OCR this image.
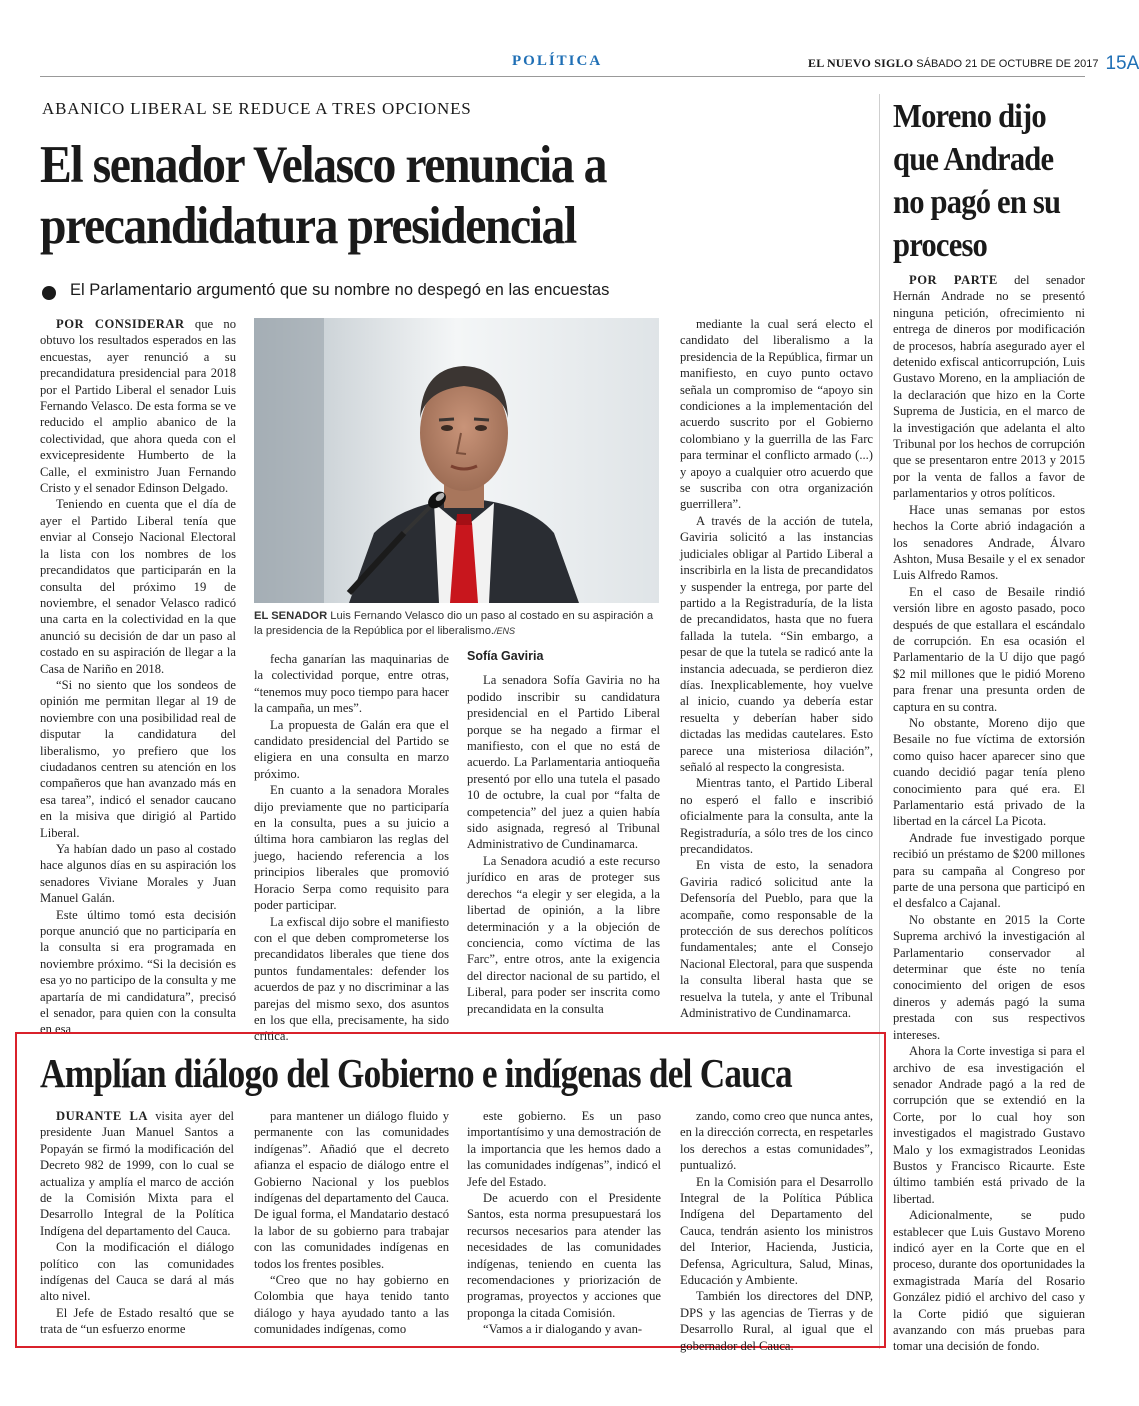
POLÍTICA	EL NUEVO SIGLO SÁBADO 21 DE OCTUBRE DE 2017 15A
ABANICO LIBERAL SE REDUCE A TRES OPCIONES
El senador Velasco renuncia a precandidatura presidencial
El Parlamentario argumentó que su nombre no despegó en las encuestas

POR CONSIDERAR que no obtuvo los resultados esperados en las encuestas, ayer renunció a su precandidatura presidencial para 2018 por el Partido Liberal el senador Luis Fernando Velasco. De esta forma se ve reducido el amplio abanico de la colectividad, que ahora queda con el exvicepresidente Humberto de la Calle, el exministro Juan Fernando Cristo y el senador Edinson Delgado.

Teniendo en cuenta que el día de ayer el Partido Liberal tenía que enviar al Consejo Nacional Electoral la lista con los nombres de los precandidatos que participarán en la consulta del próximo 19 de noviembre, el senador Velasco radicó una carta en la colectividad en la que anunció su decisión de dar un paso al costado en su aspiración de llegar a la Casa de Nariño en 2018.

“Si no siento que los sondeos de opinión me permitan llegar al 19 de noviembre con una posibilidad real de disputar la candidatura del liberalismo, yo prefiero que los ciudadanos centren su atención en los compañeros que han avanzado más en esa tarea”, indicó el senador caucano en la misiva que dirigió al Partido Liberal.

Ya habían dado un paso al costado hace algunos días en su aspiración los senadores Viviane Morales y Juan Manuel Galán.

Este último tomó esta decisión porque anunció que no participaría en la consulta si era programada en noviembre próximo. “Si la decisión es esa yo no participo de la consulta y me apartaría de mi candidatura”, precisó el senador, para quien con la consulta en esa

fecha ganarían las maquinarias de la colectividad porque, entre otras, “tenemos muy poco tiempo para hacer la campaña, un mes”.

La propuesta de Galán era que el candidato presidencial del Partido se eligiera en una consulta en marzo próximo.

En cuanto a la senadora Morales dijo previamente que no participaría en la consulta, pues a su juicio a última hora cambiaron las reglas del juego, haciendo referencia a los principios liberales que promovió Horacio Serpa como requisito para poder participar.

La exfiscal dijo sobre el manifiesto con el que deben comprometerse los precandidatos liberales que tiene dos puntos fundamentales: defender los acuerdos de paz y no discriminar a las parejas del mismo sexo, dos asuntos en los que ella, precisamente, ha sido crítica.

Sofía Gaviria

La senadora Sofía Gaviria no ha podido inscribir su candidatura presidencial en el Partido Liberal porque se ha negado a firmar el manifiesto, con el que no está de acuerdo. La Parlamentaria antioqueña presentó por ello una tutela el pasado 10 de octubre, la cual por “falta de competencia” del juez a quien había sido asignada, regresó al Tribunal Administrativo de Cundinamarca.

La Senadora acudió a este recurso jurídico en aras de proteger sus derechos “a elegir y ser elegida, a la libertad de opinión, a la libre determinación y a la objeción de conciencia, como víctima de las Farc”, entre otros, ante la exigencia del director nacional de su partido, el Liberal, para poder ser inscrita como precandidata en la consulta

mediante la cual será electo el candidato del liberalismo a la presidencia de la República, firmar un manifiesto, en cuyo punto octavo señala un compromiso de “apoyo sin condiciones a la implementación del acuerdo suscrito por el Gobierno colombiano y la guerrilla de las Farc para terminar el conflicto armado (...) y apoyo a cualquier otro acuerdo que se suscriba con otra organización guerrillera”.

A través de la acción de tutela, Gaviria solicitó a las instancias judiciales obligar al Partido Liberal a inscribirla en la lista de precandidatos y suspender la entrega, por parte del partido a la Registraduría, de la lista de precandidatos, hasta que no fuera fallada la tutela. “Sin embargo, a pesar de que la tutela se radicó ante la instancia adecuada, se perdieron diez días. Inexplicablemente, hoy vuelve al inicio, cuando ya debería estar resuelta y deberían haber sido dictadas las medidas cautelares. Esto parece una misteriosa dilación”, señaló al respecto la congresista.

Mientras tanto, el Partido Liberal no esperó el fallo e inscribió oficialmente para la consulta, ante la Registraduría, a sólo tres de los cinco precandidatos.

En vista de esto, la senadora Gaviria radicó solicitud ante la Defensoría del Pueblo, para que la acompañe, como responsable de la protección de sus derechos políticos fundamentales; ante el Consejo Nacional Electoral, para que suspenda la consulta liberal hasta que se resuelva la tutela, y ante el Tribunal Administrativo de Cundinamarca.

EL SENADOR Luis Fernando Velasco dio un paso al costado en su aspiración a la presidencia de la República por el liberalismo./ENS
Moreno dijo que Andrade no pagó en su proceso

POR PARTE del senador Hernán Andrade no se presentó ninguna petición, ofrecimiento ni entrega de dineros por modificación de procesos, habría asegurado ayer el detenido exfiscal anticorrupción, Luis Gustavo Moreno, en la ampliación de la declaración que hizo en la Corte Suprema de Justicia, en el marco de la investigación que adelanta el alto Tribunal por los hechos de corrupción que se presentaron entre 2013 y 2015 por la venta de fallos a favor de parlamentarios y otros políticos.

Hace unas semanas por estos hechos la Corte abrió indagación a los senadores Andrade, Álvaro Ashton, Musa Besaile y el ex senador Luis Alfredo Ramos.

En el caso de Besaile rindió versión libre en agosto pasado, poco después de que estallara el escándalo de corrupción. En esa ocasión el Parlamentario de la U dijo que pagó $2 mil millones que le pidió Moreno para frenar una presunta orden de captura en su contra.

No obstante, Moreno dijo que Besaile no fue víctima de extorsión como quiso hacer aparecer sino que cuando decidió pagar tenía pleno conocimiento para qué era. El Parlamentario está privado de la libertad en la cárcel La Picota.

Andrade fue investigado porque recibió un préstamo de $200 millones para su campaña al Congreso por parte de una persona que participó en el desfalco a Cajanal.

No obstante en 2015 la Corte Suprema archivó la investigación al Parlamentario conservador al determinar que éste no tenía conocimiento del origen de esos dineros y además pagó la suma prestada con sus respectivos intereses.

Ahora la Corte investiga si para el archivo de esa investigación el senador Andrade pagó a la red de corrupción que se extendió en la Corte, por lo cual hoy son investigados el magistrado Gustavo Malo y los exmagistrados Leonidas Bustos y Francisco Ricaurte. Este último también está privado de la libertad.

Adicionalmente, se pudo establecer que Luis Gustavo Moreno indicó ayer en la Corte que en el proceso, durante dos oportunidades la exmagistrada María del Rosario González pidió el archivo del caso y la Corte pidió que siguieran avanzando con más pruebas para tomar una decisión de fondo.

Amplían diálogo del Gobierno e indígenas del Cauca

DURANTE LA visita ayer del presidente Juan Manuel Santos a Popayán se firmó la modificación del Decreto 982 de 1999, con lo cual se actualiza y amplía el marco de acción de la Comisión Mixta para el Desarrollo Integral de la Política Indígena del departamento del Cauca.

Con la modificación el diálogo político con las comunidades indígenas del Cauca se dará al más alto nivel.

El Jefe de Estado resaltó que se trata de “un esfuerzo enorme

para mantener un diálogo fluido y permanente con las comunidades indígenas”. Añadió que el decreto afianza el espacio de diálogo entre el Gobierno Nacional y los pueblos indígenas del departamento del Cauca. De igual forma, el Mandatario destacó la labor de su gobierno para trabajar con las comunidades indígenas en todos los frentes posibles.

“Creo que no hay gobierno en Colombia que haya tenido tanto diálogo y haya ayudado tanto a las comunidades indígenas, como

este gobierno. Es un paso importantísimo y una demostración de la importancia que les hemos dado a las comunidades indígenas”, indicó el Jefe del Estado.

De acuerdo con el Presidente Santos, esta norma presupuestará los recursos necesarios para atender las necesidades de las comunidades indígenas, teniendo en cuenta las recomendaciones y priorización de programas, proyectos y acciones que proponga la citada Comisión.

“Vamos a ir dialogando y avan-

zando, como creo que nunca antes, en la dirección correcta, en respetarles los derechos a estas comunidades”, puntualizó.

En la Comisión para el Desarrollo Integral de la Política Pública Indígena del Departamento del Cauca, tendrán asiento los ministros del Interior, Hacienda, Justicia, Defensa, Agricultura, Salud, Minas, Educación y Ambiente.

También los directores del DNP, DPS y las agencias de Tierras y de Desarrollo Rural, al igual que el gobernador del Cauca.
